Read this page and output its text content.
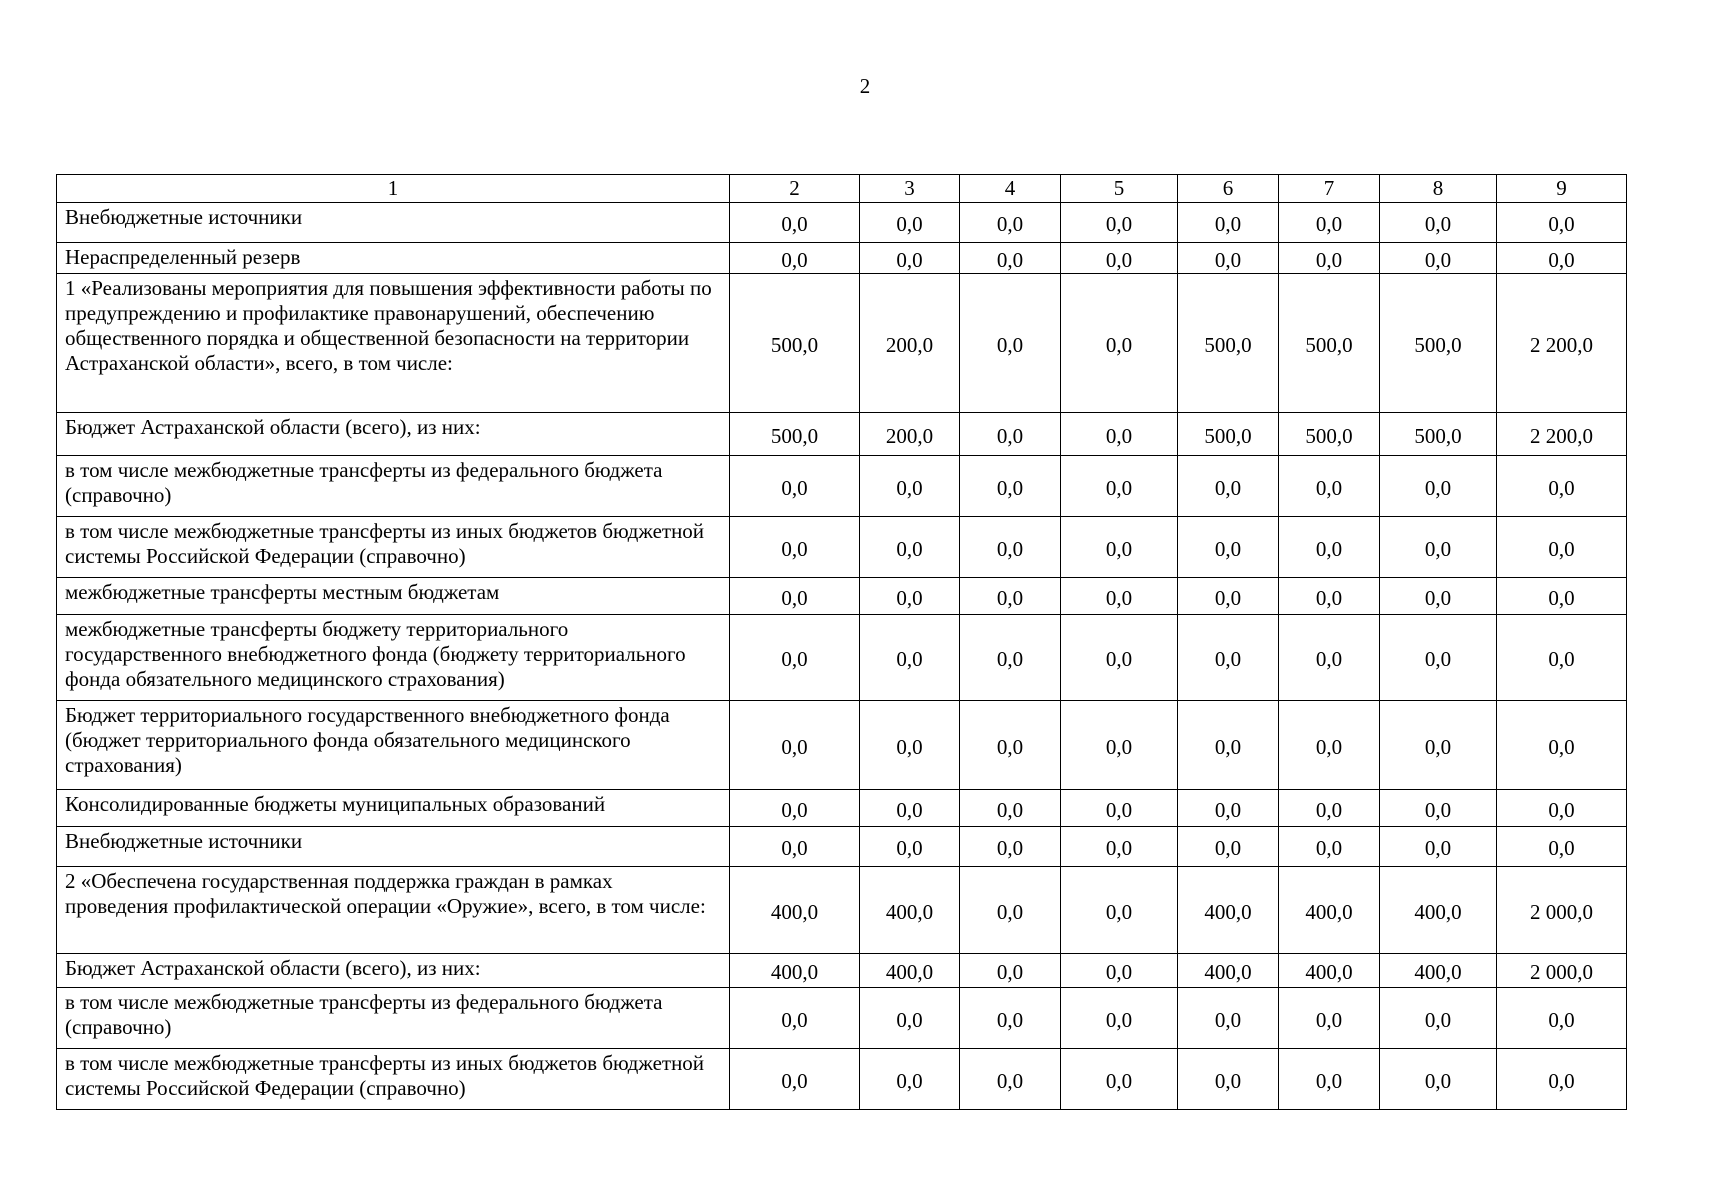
2
1	2	3	4	5	6	7	8	9
Внебюджетные источники	0,0	0,0	0,0	0,0	0,0	0,0	0,0	0,0
Нераспределенный резерв	0,0	0,0	0,0	0,0	0,0	0,0	0,0	0,0
1 «Реализованы мероприятия для повышения эффективности работы по предупреждению и профилактике правонарушений, обеспечению общественного порядка и общественной безопасности на территории Астраханской области», всего, в том числе:	500,0	200,0	0,0	0,0	500,0	500,0	500,0	2 200,0
Бюджет Астраханской области (всего), из них:	500,0	200,0	0,0	0,0	500,0	500,0	500,0	2 200,0
в том числе межбюджетные трансферты из федерального бюджета (справочно)	0,0	0,0	0,0	0,0	0,0	0,0	0,0	0,0
в том числе межбюджетные трансферты из иных бюджетов бюджетной системы Российской Федерации (справочно)	0,0	0,0	0,0	0,0	0,0	0,0	0,0	0,0
межбюджетные трансферты местным бюджетам	0,0	0,0	0,0	0,0	0,0	0,0	0,0	0,0
межбюджетные трансферты бюджету территориального государственного внебюджетного фонда (бюджету территориального фонда обязательного медицинского страхования)	0,0	0,0	0,0	0,0	0,0	0,0	0,0	0,0
Бюджет территориального государственного внебюджетного фонда (бюджет территориального фонда обязательного медицинского страхования)	0,0	0,0	0,0	0,0	0,0	0,0	0,0	0,0
Консолидированные бюджеты муниципальных образований	0,0	0,0	0,0	0,0	0,0	0,0	0,0	0,0
Внебюджетные источники	0,0	0,0	0,0	0,0	0,0	0,0	0,0	0,0
2 «Обеспечена государственная поддержка граждан в рамках проведения профилактической операции «Оружие», всего, в том числе:	400,0	400,0	0,0	0,0	400,0	400,0	400,0	2 000,0
Бюджет Астраханской области (всего), из них:	400,0	400,0	0,0	0,0	400,0	400,0	400,0	2 000,0
в том числе межбюджетные трансферты из федерального бюджета (справочно)	0,0	0,0	0,0	0,0	0,0	0,0	0,0	0,0
в том числе межбюджетные трансферты из иных бюджетов бюджетной системы Российской Федерации (справочно)	0,0	0,0	0,0	0,0	0,0	0,0	0,0	0,0
